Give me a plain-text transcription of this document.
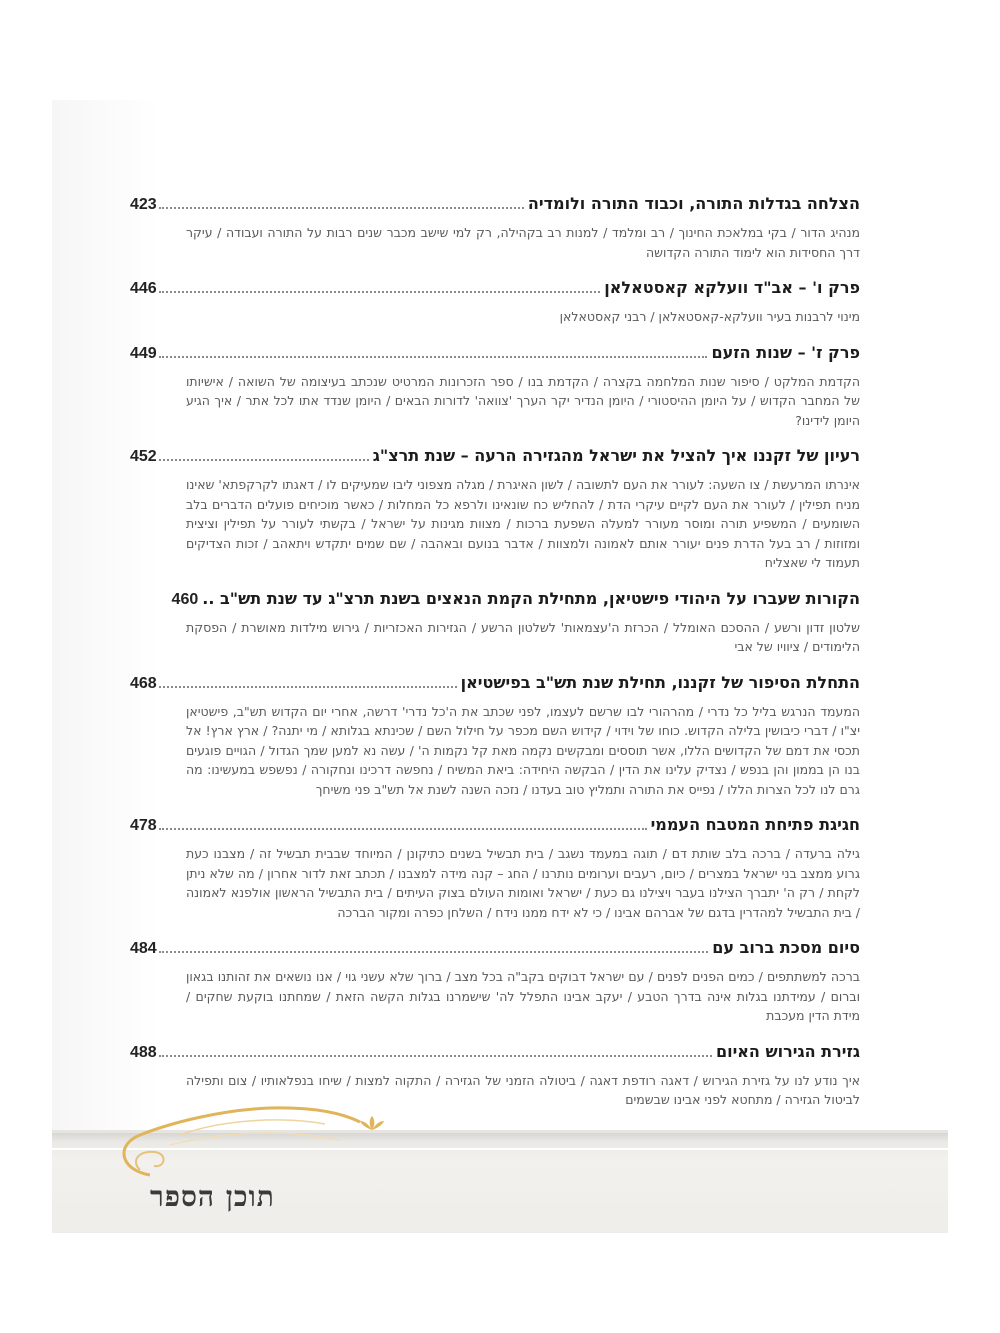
הצלחה בגדלות התורה, וכבוד התורה ולומדיה
423
מנהיג הדור / בקי במלאכת החינוך / רב ומלמד / למנות רב בקהילה, רק למי שישב מכבר שנים רבות על התורה ועבודה / עיקר דרך החסידות הוא לימוד התורה הקדושה
פרק ו' – אב"ד וועלקא קאסטאלאן
446
מינוי לרבנות בעיר וועלקא-קאסטאלאן / רבני קאסטאלאן
פרק ז' – שנות הזעם
449
הקדמת המלקט / סיפור שנות המלחמה בקצרה / הקדמת בנו / ספר הזכרונות המרטיט שנכתב בעיצומה של השואה / אישיותו של המחבר הקדוש / על היומן ההיסטורי / היומן הנדיר יקר הערך 'צוואה' לדורות הבאים / היומן שנדד אתו לכל אתר / איך הגיע היומן לידינו?
רעיון של זקננו איך להציל את ישראל מהגזירה הרעה – שנת תרצ"ג
452
אינרתו המרעשת / צו השעה: לעורר את העם לתשובה / לשון האיגרת / מגלה מצפוני ליבו שמעיקים לו / דאגתו לקרקפתא' שאינו מניח תפילין / לעורר את העם לקיים עיקרי הדת / להחליש כח שונאינו ולרפא כל המחלות / כאשר מוכיחים פועלים הדברים בלב השומעים / המשפיע תורה ומוסר מעורר למעלה השפעת ברכות / מצוות מגינות על ישראל / בקשתי לעורר על תפילין וציצית ומזוזות / רב בעל הדרת פנים יעורר אותם לאמונה ולמצוות / אדבר בנועם ובאהבה / שם שמים יתקדש ויתאהב / זכות הצדיקים תעמוד לי שאצליח
הקורות שעברו על היהודי פישטיאן, מתחילת הקמת הנאצים בשנת תרצ"ג עד שנת תש"ב ..
460
שלטון זדון ורשע / ההסכם האומלל / הכרזת ה'עצמאות' לשלטון הרשע / הגזירות האכזריות / גירוש מילדות מאושרת / הפסקת הלימודים / ציוויו של אבי
התחלת הסיפור של זקננו, תחילת שנת תש"ב בפישטיאן
468
המעמד הנרגש בליל כל נדרי / מהרהורי לבו שרשם לעצמו, לפני שכתב את ה'כל נדרי' דרשה, אחרי יום הקדוש תש"ב, פישטיאן יצ"ו / דברי כיבושין בלילה הקדוש. כוחו של וידוי / קידוש השם מכפר על חילול השם / שכינתא בגלותא / מי יתנה? / ארץ ארץ! אל תכסי את דמם של הקדושים הללו, אשר תוססים ומבקשים נקמה מאת קל נקמות ה' / עשה נא למען שמך הגדול / הגויים פוגעים בנו הן בממון והן בנפש / נצדיק עלינו את הדין / הבקשה היחידה: ביאת המשיח / נחפשה דרכינו ונחקורה / נפשפש במעשינו: מה גרם לנו לכל הצרות הללו / נפייס את התורה ותמליץ טוב בעדנו / נזכה השנה לשנת אל תש"ב פני משיחך
חגיגת פתיחת המטבח העממי
478
גילה ברעדה / ברכה בלב שותת דם / תוגה במעמד נשגב / בית תבשיל בשנים כתיקונן / המיוחד שבבית תבשיל זה / מצבנו כעת גרוע ממצב בני ישראל במצרים / כיום, רעבים וערומים נותרנו / החג – קנה מידה למצבנו / תכתב זאת לדור אחרון / מה שלא ניתן לקחת / רק ה' יתברך הצילנו בעבר ויצילנו גם כעת / ישראל ואומות העולם בצוק העיתים / בית התבשיל הראשון אולפנא לאמונה / בית התבשיל למהדרין בדגם של אברהם אבינו / כי לא ידח ממנו נידח / השלחן כפרה ומקור הברכה
סיום מסכת ברוב עם
484
ברכה למשתתפים / כמים הפנים לפנים / עם ישראל דבוקים בקב"ה בכל מצב / ברוך שלא עשני גוי / אנו נושאים את זהותנו בגאון וברום / עמידתנו בגלות אינה בדרך הטבע / יעקב אבינו התפלל לה' שישמרנו בגלות הקשה הזאת / שמחתנו בוקעת שחקים / מידת הדין מעכבת
גזירת הגירוש האיום
488
איך נודע לנו על גזירת הגירוש / דאגה רודפת דאגה / ביטולה הזמני של הגזירה / התקוה למצות / שיחו בנפלאותיו / צום ותפילה לביטול הגזירה / מתחטא לפני אבינו שבשמים
תוכן הספר
